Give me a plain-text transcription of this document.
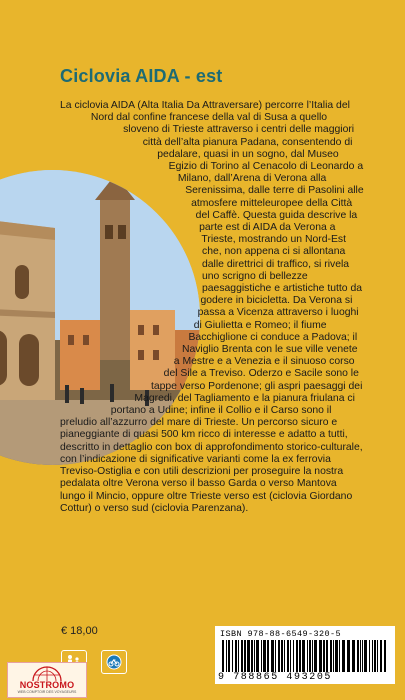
Ciclovia AIDA - est

La ciclovia AIDA (Alta Italia Da Attraversare) percorre l’Italia del Nord dal confine francese della val di Susa a quello sloveno di Trieste attraverso i centri delle maggiori città dell’alta pianura Padana, consentendo di pedalare, quasi in un sogno, dal Museo Egizio di Torino al Cenacolo di Leonardo a Milano, dall’Arena di Verona alla Serenissima, dalle terre di Pasolini alle atmosfere mitteleuropee della Città del Caffè. Questa guida descrive la parte est di AIDA da Verona a Trieste, mostrando un Nord-Est che, non appena ci si allontana dalle direttrici di traffico, si rivela uno scrigno di bellezze paesaggistiche e artistiche tutto da godere in bicicletta. Da Verona si passa a Vicenza attraverso i luoghi di Giulietta e Romeo; il fiume Bacchiglione ci conduce a Padova; il Naviglio Brenta con le sue ville venete a Mestre e a Venezia e il sinuoso corso del Sile a Treviso. Oderzo e Sacile sono le tappe verso Pordenone; gli aspri paesaggi dei Magredi, del Tagliamento e la pianura friulana ci portano a Udine; infine il Collio e il Carso sono il preludio all’azzurro del mare di Trieste. Un percorso sicuro e pianeggiante di quasi 500 km ricco di interesse e adatto a tutti, descritto in dettaglio con box di approfondimento storico-culturale, con l’indicazione di significative varianti come la ex ferrovia Treviso-Ostiglia e con utili descrizioni per proseguire la nostra pedalata oltre Verona verso il basso Garda o verso Mantova lungo il Mincio, oppure oltre Trieste verso est (ciclovia Giordano Cottur) o verso sud (ciclovia Parenzana).

€ 18,00	ISBN 978-88-6549-320-5
9 788865 493205
NOSTROMO
WEB COMPTOIR DES VOYAGEURS
